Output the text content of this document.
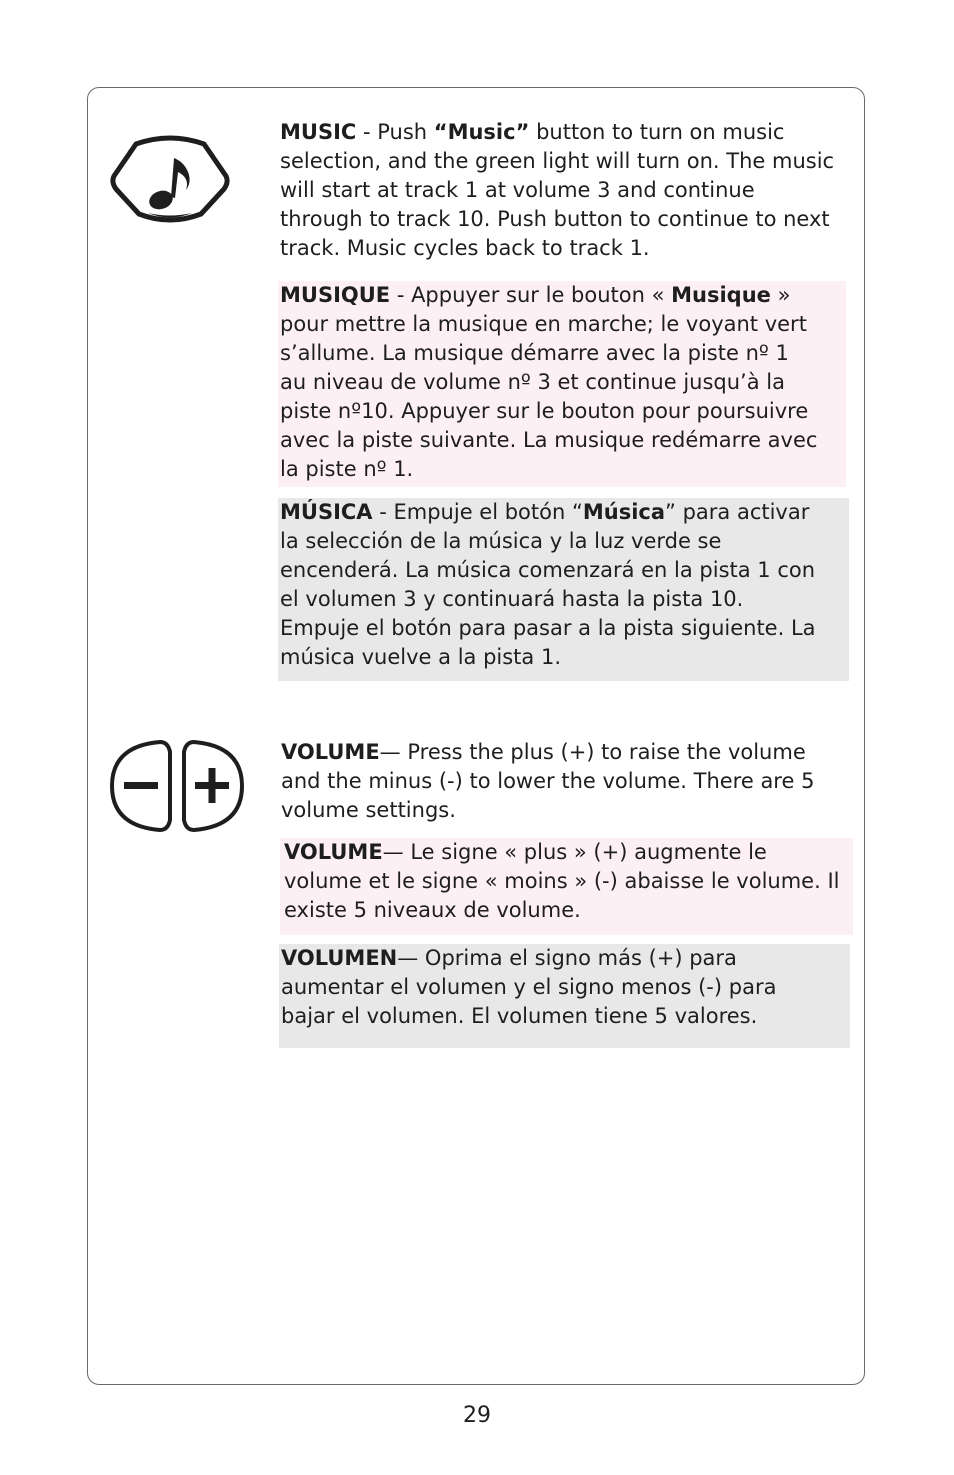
MUSIC - Push “Music” button to turn on music selection, and the green light will turn on. The music will start at track 1 at volume 3 and continue through to track 10. Push button to continue to next track. Music cycles back to track 1.

MUSIQUE - Appuyer sur le bouton « Musique » pour mettre la musique en marche; le voyant vert s’allume. La musique démarre avec la piste nº 1 au niveau de volume nº 3 et continue jusqu’à la piste nº10. Appuyer sur le bouton pour poursuivre avec la piste suivante. La musique redémarre avec la piste nº 1.

MÚSICA - Empuje el botón “Música” para activar la selección de la música y la luz verde se encenderá. La música comenzará en la pista 1 con el volumen 3 y continuará hasta la pista 10. Empuje el botón para pasar a la pista siguiente. La música vuelve a la pista 1.

VOLUME— Press the plus (+) to raise the volume and the minus (-) to lower the volume. There are 5 volume settings.

VOLUME— Le signe « plus » (+) augmente le volume et le signe « moins » (-) abaisse le volume. Il existe 5 niveaux de volume.

VOLUMEN— Oprima el signo más (+) para aumentar el volumen y el signo menos (-) para bajar el volumen. El volumen tiene 5 valores.

29
